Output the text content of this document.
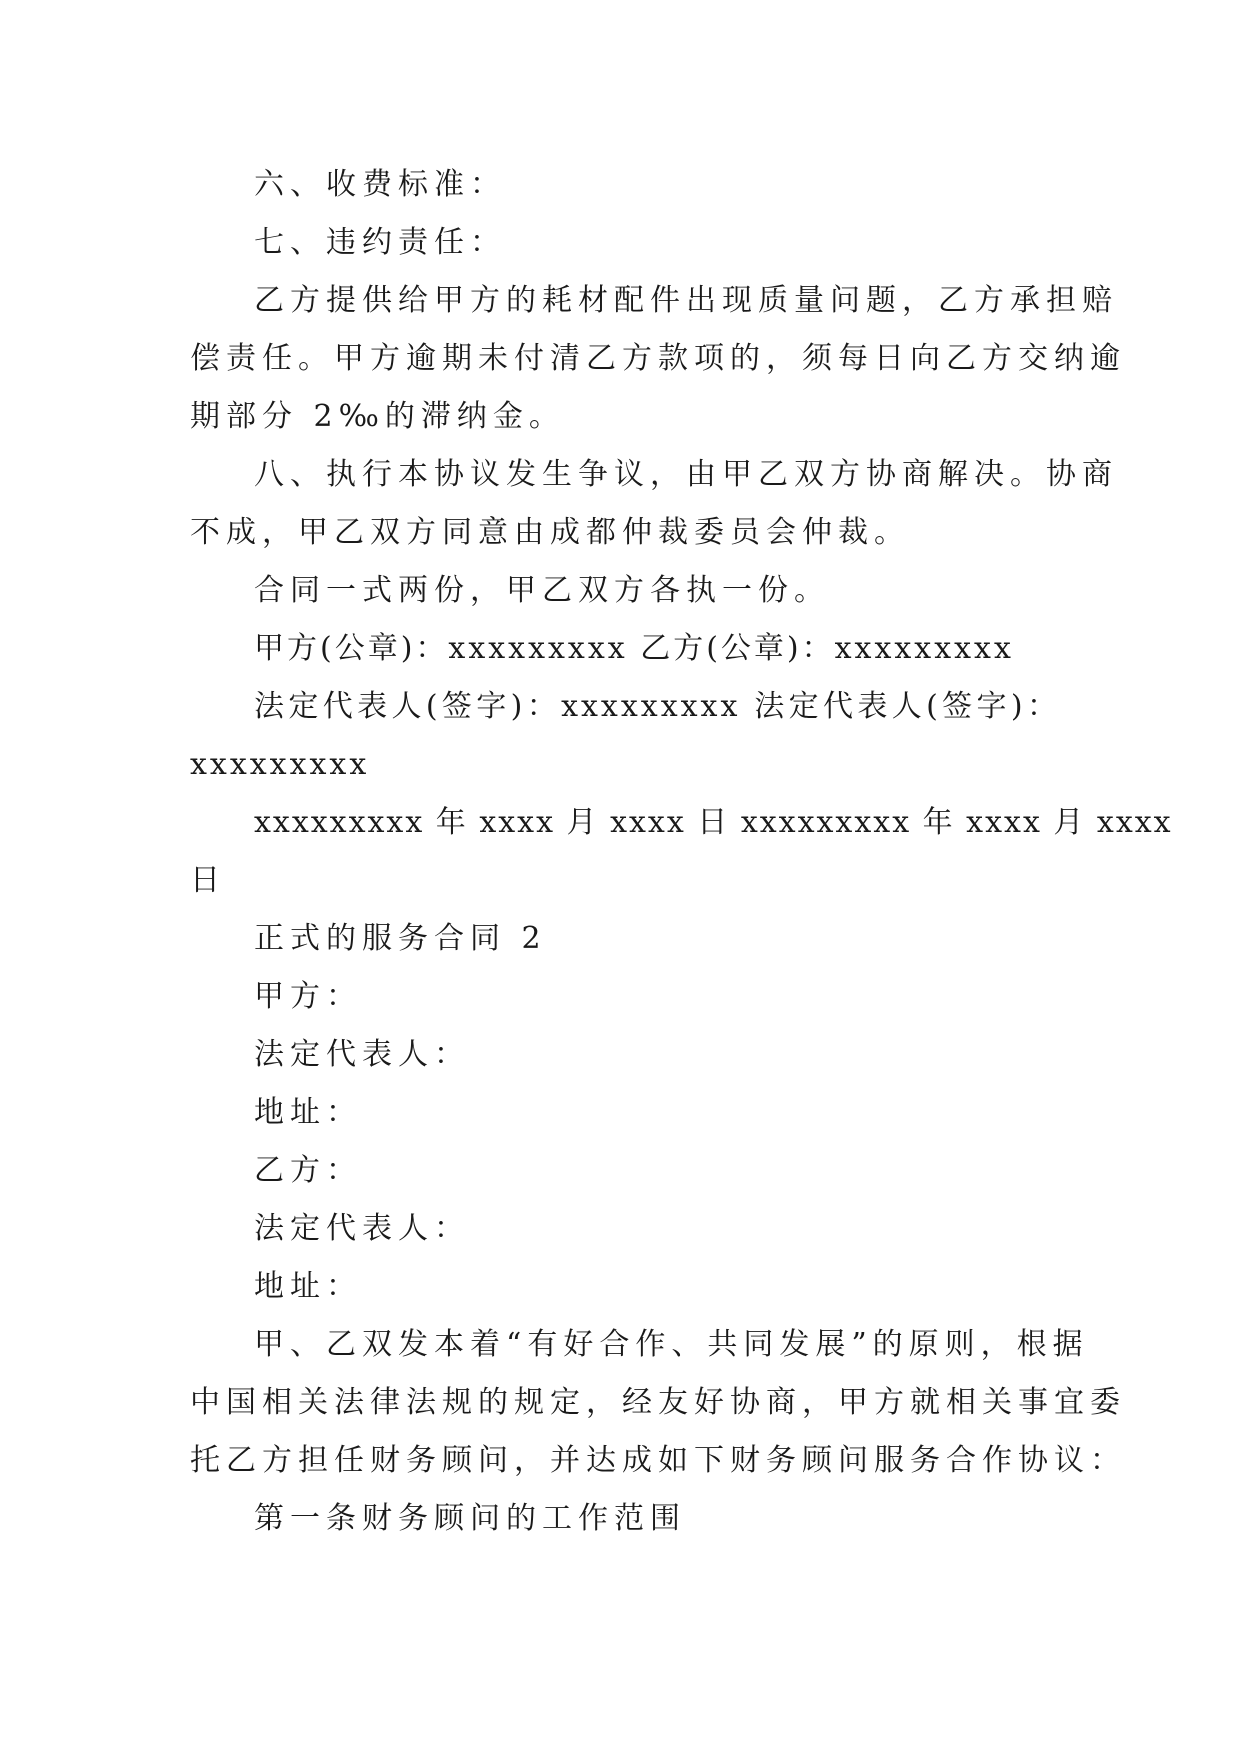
六、收费标准：
七、违约责任：
乙方提供给甲方的耗材配件出现质量问题，乙方承担赔
偿责任。甲方逾期未付清乙方款项的，须每日向乙方交纳逾
期部分 2‰的滞纳金。
八、执行本协议发生争议，由甲乙双方协商解决。协商
不成，甲乙双方同意由成都仲裁委员会仲裁。
合同一式两份，甲乙双方各执一份。
甲方(公章)：xxxxxxxxx 乙方(公章)：xxxxxxxxx
法定代表人(签字)：xxxxxxxxx 法定代表人(签字)：
xxxxxxxxx
xxxxxxxxx 年 xxxx 月 xxxx 日 xxxxxxxxx 年 xxxx 月 xxxx
日
正式的服务合同 2
甲方：
法定代表人：
地址：
乙方：
法定代表人：
地址：
甲、乙双发本着“有好合作、共同发展”的原则，根据
中国相关法律法规的规定，经友好协商，甲方就相关事宜委
托乙方担任财务顾问，并达成如下财务顾问服务合作协议：
第一条财务顾问的工作范围
